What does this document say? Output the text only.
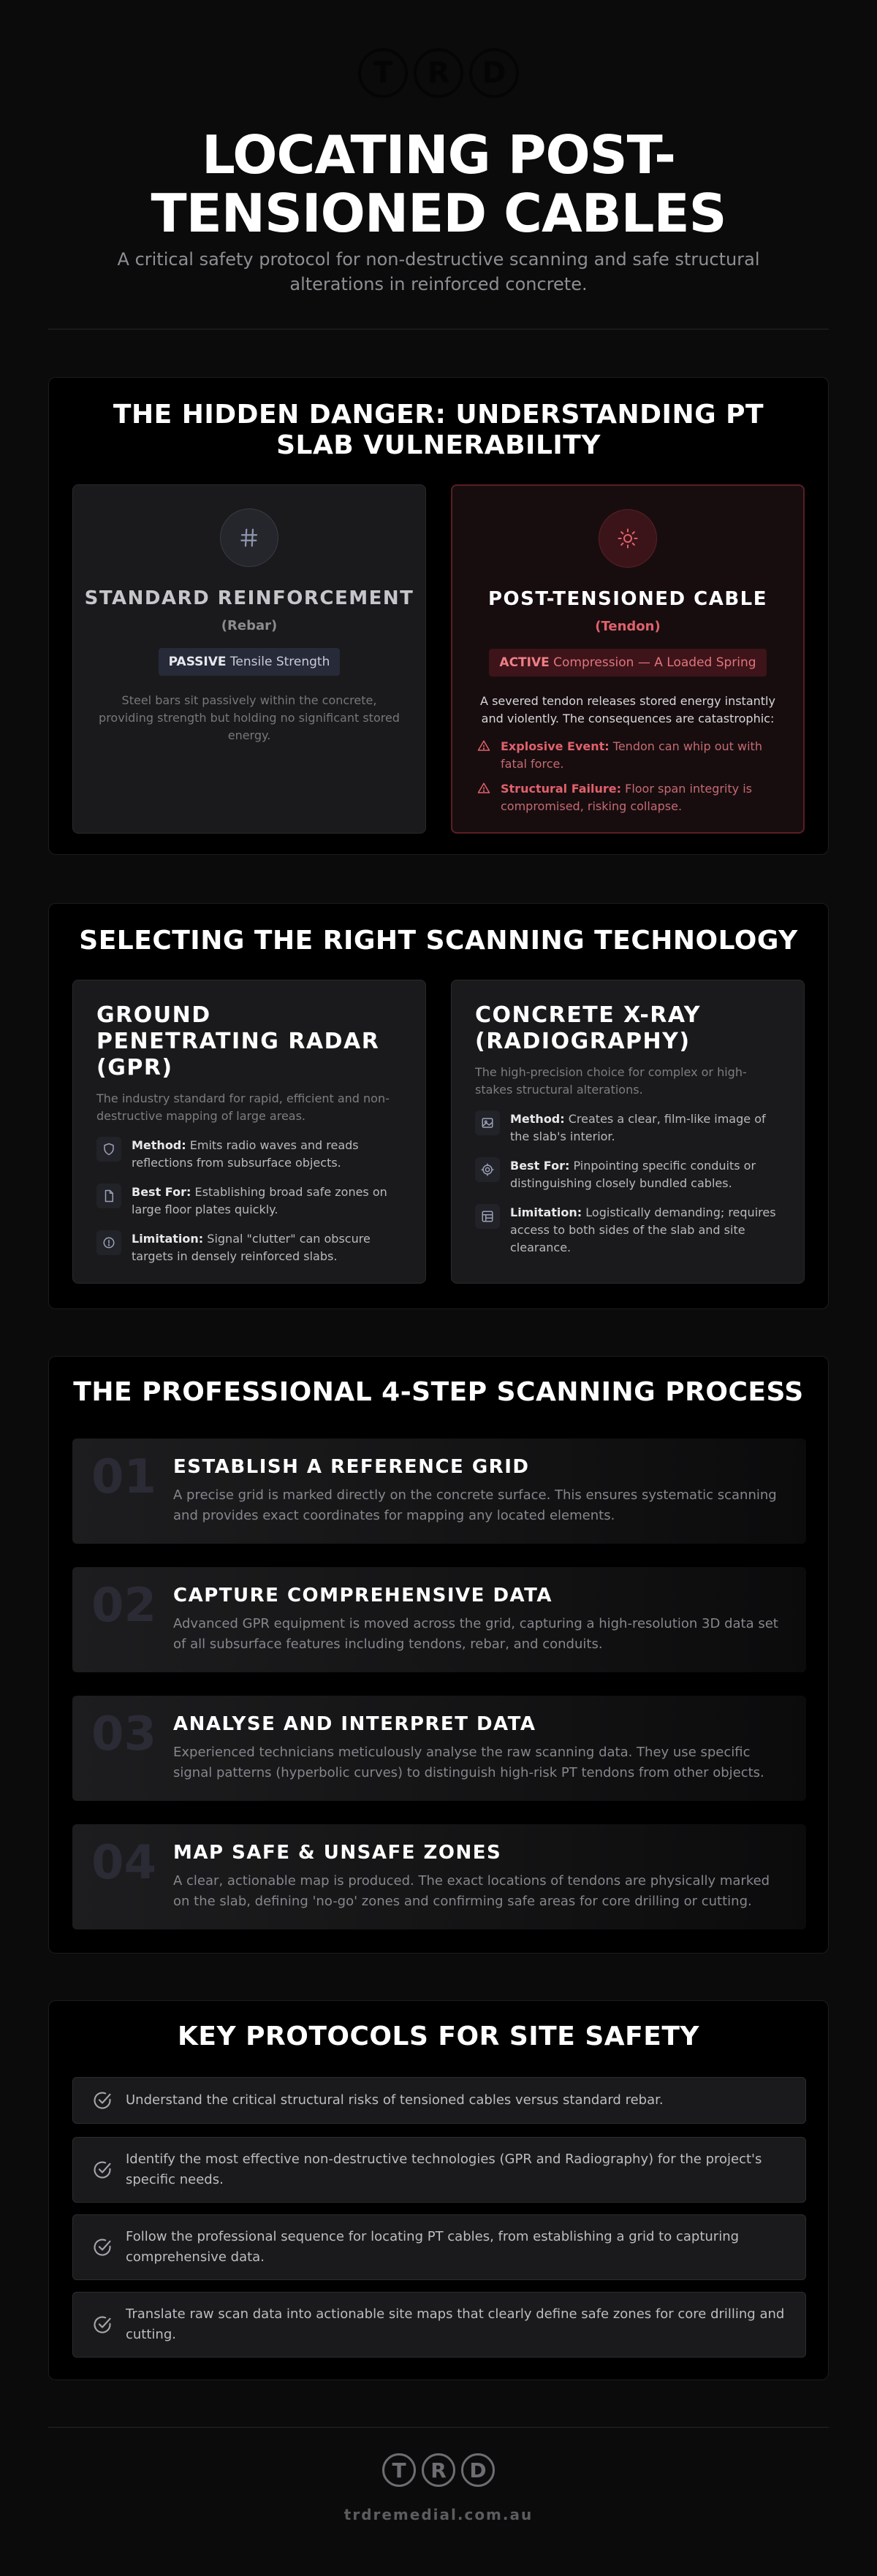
T	R	D
LOCATING POST-TENSIONED CABLES

A critical safety protocol for non-destructive scanning and safe structural alterations in reinforced concrete.

THE HIDDEN DANGER: UNDERSTANDING PT SLAB VULNERABILITY
STANDARD REINFORCEMENT
(Rebar)
PASSIVE Tensile Strength

Steel bars sit passively within the concrete, providing strength but holding no significant stored energy.

POST-TENSIONED CABLE
(Tendon)
ACTIVE Compression — A Loaded Spring

A severed tendon releases stored energy instantly and violently. The consequences are catastrophic:

Explosive Event: Tendon can whip out with fatal force.
Structural Failure: Floor span integrity is compromised, risking collapse.
SELECTING THE RIGHT SCANNING TECHNOLOGY
GROUND PENETRATING RADAR (GPR)

The industry standard for rapid, efficient and non-destructive mapping of large areas.

Method: Emits radio waves and reads reflections from subsurface objects.
Best For: Establishing broad safe zones on large floor plates quickly.
Limitation: Signal "clutter" can obscure targets in densely reinforced slabs.
CONCRETE X-RAY (RADIOGRAPHY)

The high-precision choice for complex or high-stakes structural alterations.

Method: Creates a clear, film-like image of the slab's interior.
Best For: Pinpointing specific conduits or distinguishing closely bundled cables.
Limitation: Logistically demanding; requires access to both sides of the slab and site clearance.
THE PROFESSIONAL 4-STEP SCANNING PROCESS
01 ESTABLISH A REFERENCE GRID

A precise grid is marked directly on the concrete surface. This ensures systematic scanning and provides exact coordinates for mapping any located elements.

02 CAPTURE COMPREHENSIVE DATA

Advanced GPR equipment is moved across the grid, capturing a high-resolution 3D data set of all subsurface features including tendons, rebar, and conduits.

03 ANALYSE AND INTERPRET DATA

Experienced technicians meticulously analyse the raw scanning data. They use specific signal patterns (hyperbolic curves) to distinguish high-risk PT tendons from other objects.

04 MAP SAFE & UNSAFE ZONES

A clear, actionable map is produced. The exact locations of tendons are physically marked on the slab, defining 'no-go' zones and confirming safe areas for core drilling or cutting.

KEY PROTOCOLS FOR SITE SAFETY
Understand the critical structural risks of tensioned cables versus standard rebar.
Identify the most effective non-destructive technologies (GPR and Radiography) for the project's specific needs.
Follow the professional sequence for locating PT cables, from establishing a grid to capturing comprehensive data.
Translate raw scan data into actionable site maps that clearly define safe zones for core drilling and cutting.
T	R	D
trdremedial.com.au
